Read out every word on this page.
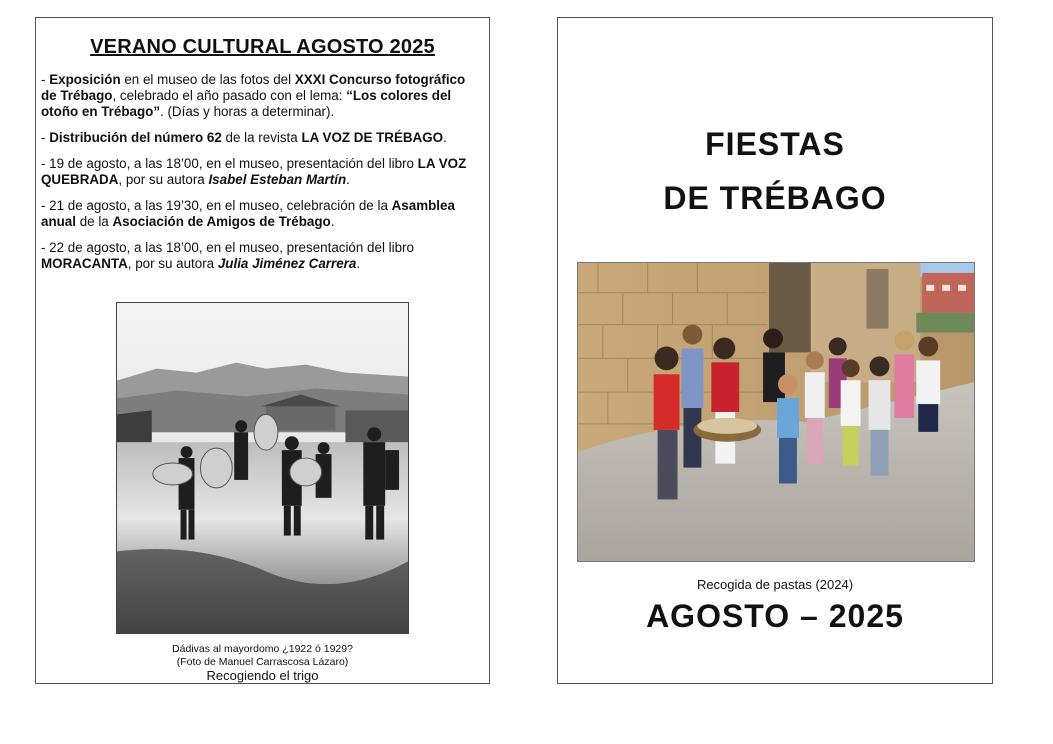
VERANO CULTURAL AGOSTO 2025

- Exposición en el museo de las fotos del XXXI Concurso fotográfico de Trébago, celebrado el año pasado con el lema: “Los colores del otoño en Trébago”. (Días y horas a determinar).

- Distribución del número 62 de la revista LA VOZ DE TRÉBAGO.

- 19 de agosto, a las 18’00, en el museo, presentación del libro LA VOZ QUEBRADA, por su autora Isabel Esteban Martín.

- 21 de agosto, a las 19’30, en el museo, celebración de la Asamblea anual de la Asociación de Amigos de Trébago.

- 22 de agosto, a las 18’00, en el museo, presentación del libro MORACANTA, por su autora Julia Jiménez Carrera.

Dádivas al mayordomo ¿1922 ó 1929?
(Foto de Manuel Carrascosa Lázaro)
Recogiendo el trigo
FIESTAS
DE TRÉBAGO
Recogida de pastas (2024)
AGOSTO – 2025
